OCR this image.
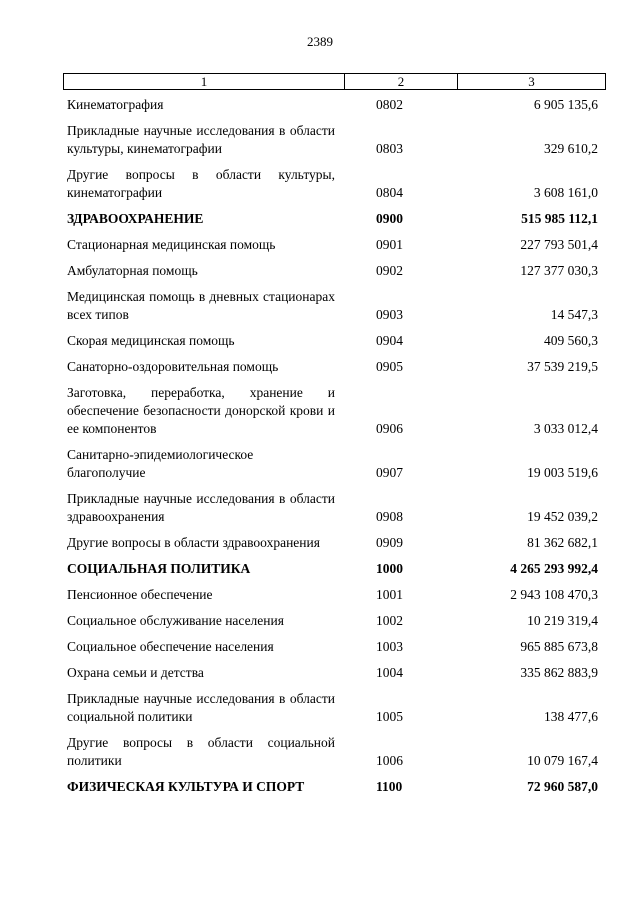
2389
1	2	3
Кинематография	0802	6 905 135,6
Прикладные научные исследования в области культуры, кинематографии	0803	329 610,2
Другие вопросы в области культуры, кинематографии	0804	3 608 161,0
ЗДРАВООХРАНЕНИЕ	0900	515 985 112,1
Стационарная медицинская помощь	0901	227 793 501,4
Амбулаторная помощь	0902	127 377 030,3
Медицинская помощь в дневных стационарах всех типов	0903	14 547,3
Скорая медицинская помощь	0904	409 560,3
Санаторно-оздоровительная помощь	0905	37 539 219,5
Заготовка, переработка, хранение и обеспечение безопасности донорской крови и ее компонентов	0906	3 033 012,4
Санитарно-эпидемиологическое благополучие	0907	19 003 519,6
Прикладные научные исследования в области здравоохранения	0908	19 452 039,2
Другие вопросы в области здравоохранения	0909	81 362 682,1
СОЦИАЛЬНАЯ ПОЛИТИКА	1000	4 265 293 992,4
Пенсионное обеспечение	1001	2 943 108 470,3
Социальное обслуживание населения	1002	10 219 319,4
Социальное обеспечение населения	1003	965 885 673,8
Охрана семьи и детства	1004	335 862 883,9
Прикладные научные исследования в области социальной политики	1005	138 477,6
Другие вопросы в области социальной политики	1006	10 079 167,4
ФИЗИЧЕСКАЯ КУЛЬТУРА И СПОРТ	1100	72 960 587,0
